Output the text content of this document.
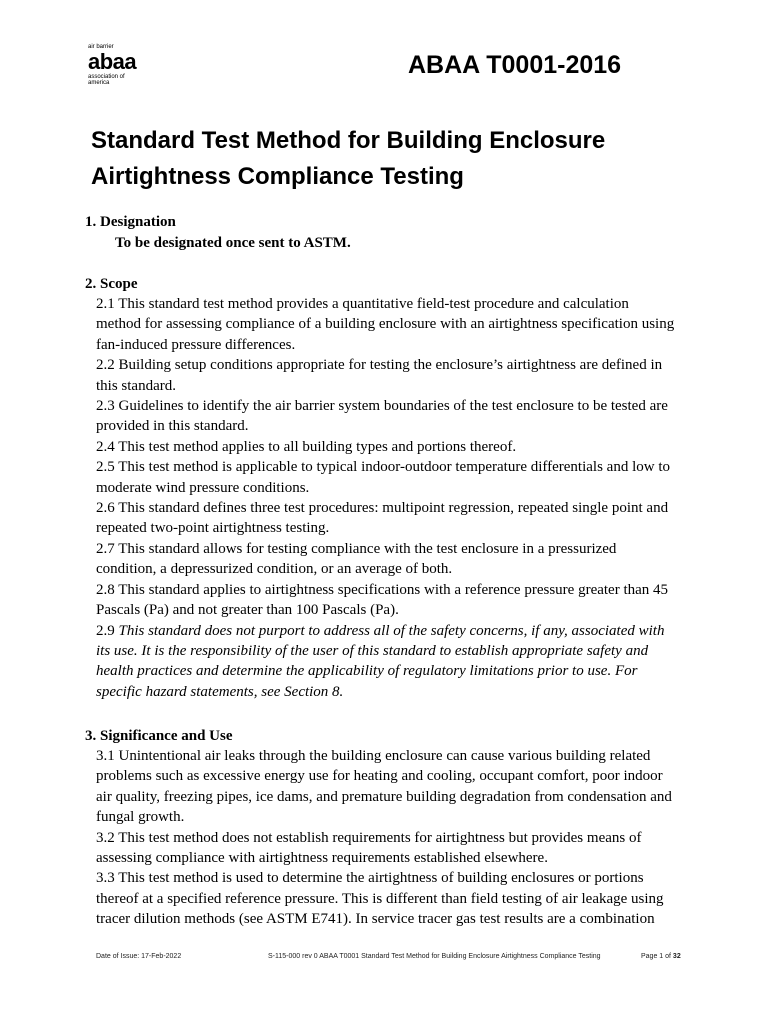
air barrier
abaa
association of
america
ABAA T0001-2016
Standard Test Method for Building Enclosure
Airtightness Compliance Testing
1. Designation
To be designated once sent to ASTM.
2. Scope
2.1 This standard test method provides a quantitative field-test procedure and calculation
method for assessing compliance of a building enclosure with an airtightness specification using
fan-induced pressure differences.
2.2 Building setup conditions appropriate for testing the enclosure’s airtightness are defined in
this standard.
2.3 Guidelines to identify the air barrier system boundaries of the test enclosure to be tested are
provided in this standard.
2.4 This test method applies to all building types and portions thereof.
2.5 This test method is applicable to typical indoor-outdoor temperature differentials and low to
moderate wind pressure conditions.
2.6 This standard defines three test procedures: multipoint regression, repeated single point and
repeated two-point airtightness testing.
2.7 This standard allows for testing compliance with the test enclosure in a pressurized
condition, a depressurized condition, or an average of both.
2.8 This standard applies to airtightness specifications with a reference pressure greater than 45
Pascals (Pa) and not greater than 100 Pascals (Pa).
2.9 This standard does not purport to address all of the safety concerns, if any, associated with
its use. It is the responsibility of the user of this standard to establish appropriate safety and
health practices and determine the applicability of regulatory limitations prior to use. For
specific hazard statements, see Section 8.
3. Significance and Use
3.1 Unintentional air leaks through the building enclosure can cause various building related
problems such as excessive energy use for heating and cooling, occupant comfort, poor indoor
air quality, freezing pipes, ice dams, and premature building degradation from condensation and
fungal growth.
3.2 This test method does not establish requirements for airtightness but provides means of
assessing compliance with airtightness requirements established elsewhere.
3.3 This test method is used to determine the airtightness of building enclosures or portions
thereof at a specified reference pressure. This is different than field testing of air leakage using
tracer dilution methods (see ASTM E741). In service tracer gas test results are a combination
Date of Issue: 17-Feb-2022	S-115-000 rev 0 ABAA T0001 Standard Test Method for Building Enclosure Airtightness Compliance Testing	Page 1 of 32
